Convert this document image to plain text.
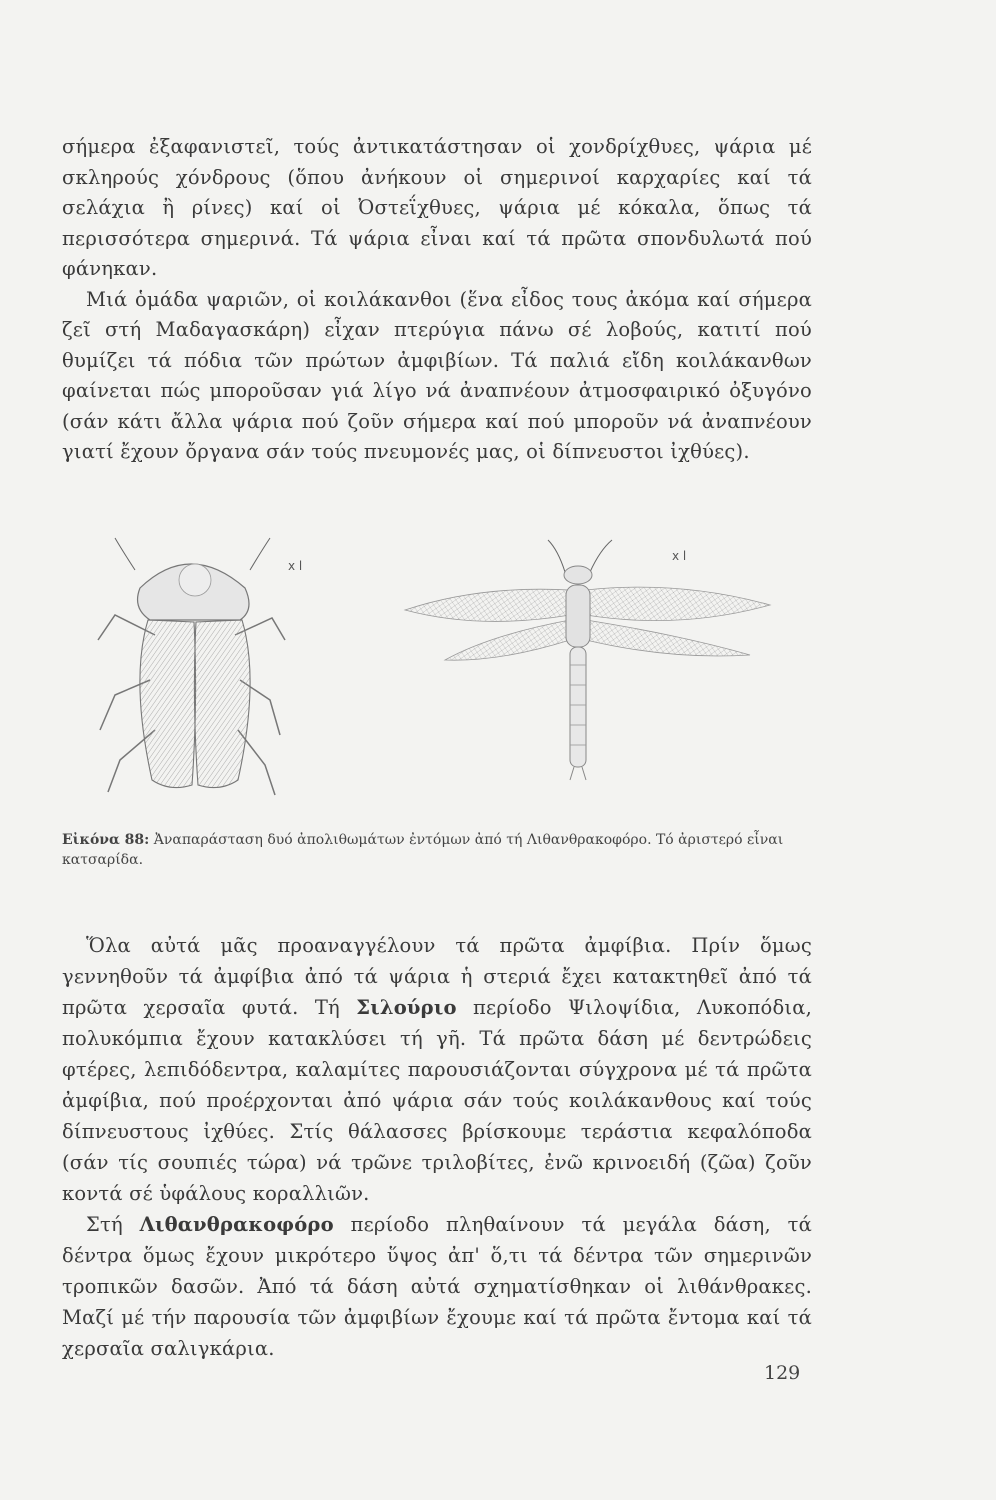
σήμερα ἐξαφανιστεῖ, τούς ἀντικατάστησαν οἱ χονδρίχθυες, ψάρια μέ σκληρούς χόνδρους (ὅπου ἀνήκουν οἱ σημερινοί καρχαρίες καί τά σελάχια ἢ ρίνες) καί οἱ Ὀστεΐχθυες, ψάρια μέ κόκαλα, ὅπως τά περισσότερα σημερινά. Τά ψάρια εἶναι καί τά πρῶτα σπονδυλωτά πού φάνηκαν.

Μιά ὁμάδα ψαριῶν, οἱ κοιλάκανθοι (ἕνα εἶδος τους ἀκόμα καί σήμερα ζεῖ στή Μαδαγασκάρη) εἶχαν πτερύγια πάνω σέ λοβούς, κατιτί πού θυμίζει τά πόδια τῶν πρώτων ἀμφιβίων. Τά παλιά εἴδη κοιλάκανθων φαίνεται πώς μποροῦσαν γιά λίγο νά ἀναπνέουν ἀτμοσφαιρικό ὀξυγόνο (σάν κάτι ἄλλα ψάρια πού ζοῦν σήμερα καί πού μποροῦν νά ἀναπνέουν γιατί ἔχουν ὄργανα σάν τούς πνευμονές μας, οἱ δίπνευστοι ἰχθύες).

x l
x l
Εἰκόνα 88: Ἀναπαράσταση δυό ἀπολιθωμάτων ἐντόμων ἀπό τή Λιθανθρακοφόρο. Τό ἀριστερό εἶναι κατσαρίδα.

Ὅλα αὐτά μᾶς προαναγγέλουν τά πρῶτα ἀμφίβια. Πρίν ὅμως γεννηθοῦν τά ἀμφίβια ἀπό τά ψάρια ἡ στεριά ἔχει κατακτηθεῖ ἀπό τά πρῶτα χερσαῖα φυτά. Τή Σιλούριο περίοδο Ψιλοψίδια, Λυκοπόδια, πολυκόμπια ἔχουν κατακλύσει τή γῆ. Τά πρῶτα δάση μέ δεντρώδεις φτέρες, λεπιδόδεντρα, καλαμίτες παρουσιάζονται σύγχρονα μέ τά πρῶτα ἀμφίβια, πού προέρχονται ἀπό ψάρια σάν τούς κοιλάκανθους καί τούς δίπνευστους ἰχθύες. Στίς θάλασσες βρίσκουμε τεράστια κεφαλόποδα (σάν τίς σουπιές τώρα) νά τρῶνε τριλοβίτες, ἐνῶ κρινοειδή (ζῶα) ζοῦν κοντά σέ ὑφάλους κοραλλιῶν.

Στή Λιθανθρακοφόρο περίοδο πληθαίνουν τά μεγάλα δάση, τά δέντρα ὅμως ἔχουν μικρότερο ὕψος ἀπ' ὅ,τι τά δέντρα τῶν σημερινῶν τροπικῶν δασῶν. Ἀπό τά δάση αὐτά σχηματίσθηκαν οἱ λιθάνθρακες. Μαζί μέ τήν παρουσία τῶν ἀμφιβίων ἔχουμε καί τά πρῶτα ἔντομα καί τά χερσαῖα σαλιγκάρια.

129
